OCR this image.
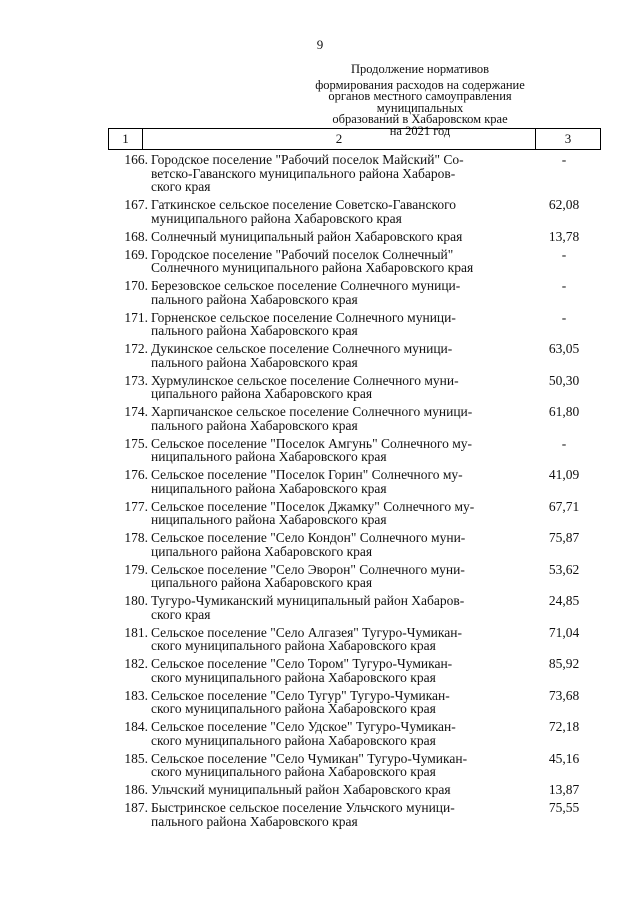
9
Продолжение нормативов
формирования расходов на содержание
органов местного самоуправления муниципальных
образований в Хабаровском крае
на 2021 год
1	2	3
166. Городское поселение "Рабочий поселок Майский" Со-
ветско-Гаванского муниципального района Хабаров-
ского края
-
167. Гаткинское сельское поселение Советско-Гаванского
муниципального района Хабаровского края
62,08
168. Солнечный муниципальный район Хабаровского края	13,78
169. Городское поселение "Рабочий поселок Солнечный"
Солнечного муниципального района Хабаровского края
-
170. Березовское сельское поселение Солнечного муници-
пального района Хабаровского края
-
171. Горненское сельское поселение Солнечного муници-
пального района Хабаровского края
-
172. Дукинское сельское поселение Солнечного муници-
пального района Хабаровского края
63,05
173. Хурмулинское сельское поселение Солнечного муни-
ципального района Хабаровского края
50,30
174. Харпичанское сельское поселение Солнечного муници-
пального района Хабаровского края
61,80
175. Сельское поселение "Поселок Амгунь" Солнечного му-
ниципального района Хабаровского края
-
176. Сельское поселение "Поселок Горин" Солнечного му-
ниципального района Хабаровского края
41,09
177. Сельское поселение "Поселок Джамку" Солнечного му-
ниципального района Хабаровского края
67,71
178. Сельское поселение "Село Кондон" Солнечного муни-
ципального района Хабаровского края
75,87
179. Сельское поселение "Село Эворон" Солнечного муни-
ципального района Хабаровского края
53,62
180. Тугуро-Чумиканский муниципальный район Хабаров-
ского края
24,85
181. Сельское поселение "Село Алгазея" Тугуро-Чумикан-
ского муниципального района Хабаровского края
71,04
182. Сельское поселение "Село Тором" Тугуро-Чумикан-
ского муниципального района Хабаровского края
85,92
183. Сельское поселение "Село Тугур" Тугуро-Чумикан-
ского муниципального района Хабаровского края
73,68
184. Сельское поселение "Село Удское" Тугуро-Чумикан-
ского муниципального района Хабаровского края
72,18
185. Сельское поселение "Село Чумикан" Тугуро-Чумикан-
ского муниципального района Хабаровского края
45,16
186. Ульчский муниципальный район Хабаровского края	13,87
187. Быстринское сельское поселение Ульчского муници-
пального района Хабаровского края
75,55
